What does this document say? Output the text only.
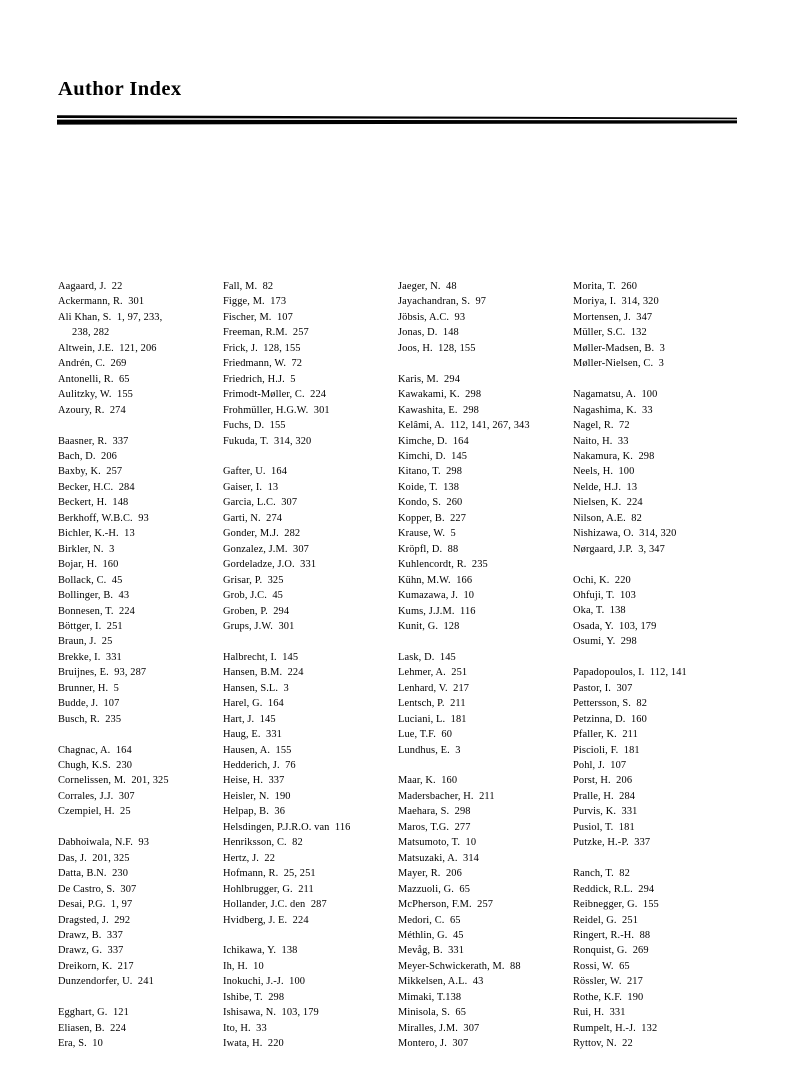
Author Index
Aagaard, J.  22
Ackermann, R.  301
Ali Khan, S.  1, 97, 233,
238, 282
Altwein, J.E.  121, 206
Andrén, C.  269
Antonelli, R.  65
Aulitzky, W.  155
Azoury, R.  274

Baasner, R.  337
Bach, D.  206
Baxby, K.  257
Becker, H.C.  284
Beckert, H.  148
Berkhoff, W.B.C.  93
Bichler, K.-H.  13
Birkler, N.  3
Bojar, H.  160
Bollack, C.  45
Bollinger, B.  43
Bonnesen, T.  224
Böttger, I.  251
Braun, J.  25
Brekke, I.  331
Bruijnes, E.  93, 287
Brunner, H.  5
Budde, J.  107
Busch, R.  235

Chagnac, A.  164
Chugh, K.S.  230
Cornelissen, M.  201, 325
Corrales, J.J.  307
Czempiel, H.  25

Dabhoiwala, N.F.  93
Das, J.  201, 325
Datta, B.N.  230
De Castro, S.  307
Desai, P.G.  1, 97
Dragsted, J.  292
Drawz, B.  337
Drawz, G.  337
Dreikorn, K.  217
Dunzendorfer, U.  241

Egghart, G.  121
Eliasen, B.  224
Era, S.  10
Fall, M.  82
Figge, M.  173
Fischer, M.  107
Freeman, R.M.  257
Frick, J.  128, 155
Friedmann, W.  72
Friedrich, H.J.  5
Frimodt-Møller, C.  224
Frohmüller, H.G.W.  301
Fuchs, D.  155
Fukuda, T.  314, 320

Gafter, U.  164
Gaiser, I.  13
Garcia, L.C.  307
Garti, N.  274
Gonder, M.J.  282
Gonzalez, J.M.  307
Gordeladze, J.O.  331
Grisar, P.  325
Grob, J.C.  45
Groben, P.  294
Grups, J.W.  301

Halbrecht, I.  145
Hansen, B.M.  224
Hansen, S.L.  3
Harel, G.  164
Hart, J.  145
Haug, E.  331
Hausen, A.  155
Hedderich, J.  76
Heise, H.  337
Heisler, N.  190
Helpap, B.  36
Helsdingen, P.J.R.O. van  116
Henriksson, C.  82
Hertz, J.  22
Hofmann, R.  25, 251
Hohlbrugger, G.  211
Hollander, J.C. den  287
Hvidberg, J. E.  224

Ichikawa, Y.  138
Ih, H.  10
Inokuchi, J.-J.  100
Ishibe, T.  298
Ishisawa, N.  103, 179
Ito, H.  33
Iwata, H.  220
Jaeger, N.  48
Jayachandran, S.  97
Jöbsis, A.C.  93
Jonas, D.  148
Joos, H.  128, 155

Karis, M.  294
Kawakami, K.  298
Kawashita, E.  298
Kelâmi, A.  112, 141, 267, 343
Kimche, D.  164
Kimchi, D.  145
Kitano, T.  298
Koide, T.  138
Kondo, S.  260
Kopper, B.  227
Krause, W.  5
Kröpfl, D.  88
Kuhlencordt, R.  235
Kühn, M.W.  166
Kumazawa, J.  10
Kums, J.J.M.  116
Kunit, G.  128

Lask, D.  145
Lehmer, A.  251
Lenhard, V.  217
Lentsch, P.  211
Luciani, L.  181
Lue, T.F.  60
Lundhus, E.  3

Maar, K.  160
Madersbacher, H.  211
Maehara, S.  298
Maros, T.G.  277
Matsumoto, T.  10
Matsuzaki, A.  314
Mayer, R.  206
Mazzuoli, G.  65
McPherson, F.M.  257
Medori, C.  65
Méthlin, G.  45
Mevåg, B.  331
Meyer-Schwickerath, M.  88
Mikkelsen, A.L.  43
Mimaki, T.138
Minisola, S.  65
Miralles, J.M.  307
Montero, J.  307
Morita, T.  260
Moriya, I.  314, 320
Mortensen, J.  347
Müller, S.C.  132
Møller-Madsen, B.  3
Møller-Nielsen, C.  3

Nagamatsu, A.  100
Nagashima, K.  33
Nagel, R.  72
Naito, H.  33
Nakamura, K.  298
Neels, H.  100
Nelde, H.J.  13
Nielsen, K.  224
Nilson, A.E.  82
Nishizawa, O.  314, 320
Nørgaard, J.P.  3, 347

Ochi, K.  220
Ohfuji, T.  103
Oka, T.  138
Osada, Y.  103, 179
Osumi, Y.  298

Papadopoulos, I.  112, 141
Pastor, I.  307
Pettersson, S.  82
Petzinna, D.  160
Pfaller, K.  211
Piscioli, F.  181
Pohl, J.  107
Porst, H.  206
Pralle, H.  284
Purvis, K.  331
Pusiol, T.  181
Putzke, H.-P.  337

Ranch, T.  82
Reddick, R.L.  294
Reibnegger, G.  155
Reidel, G.  251
Ringert, R.-H.  88
Ronquist, G.  269
Rossi, W.  65
Rössler, W.  217
Rothe, K.F.  190
Rui, H.  331
Rumpelt, H.-J.  132
Ryttov, N.  22
